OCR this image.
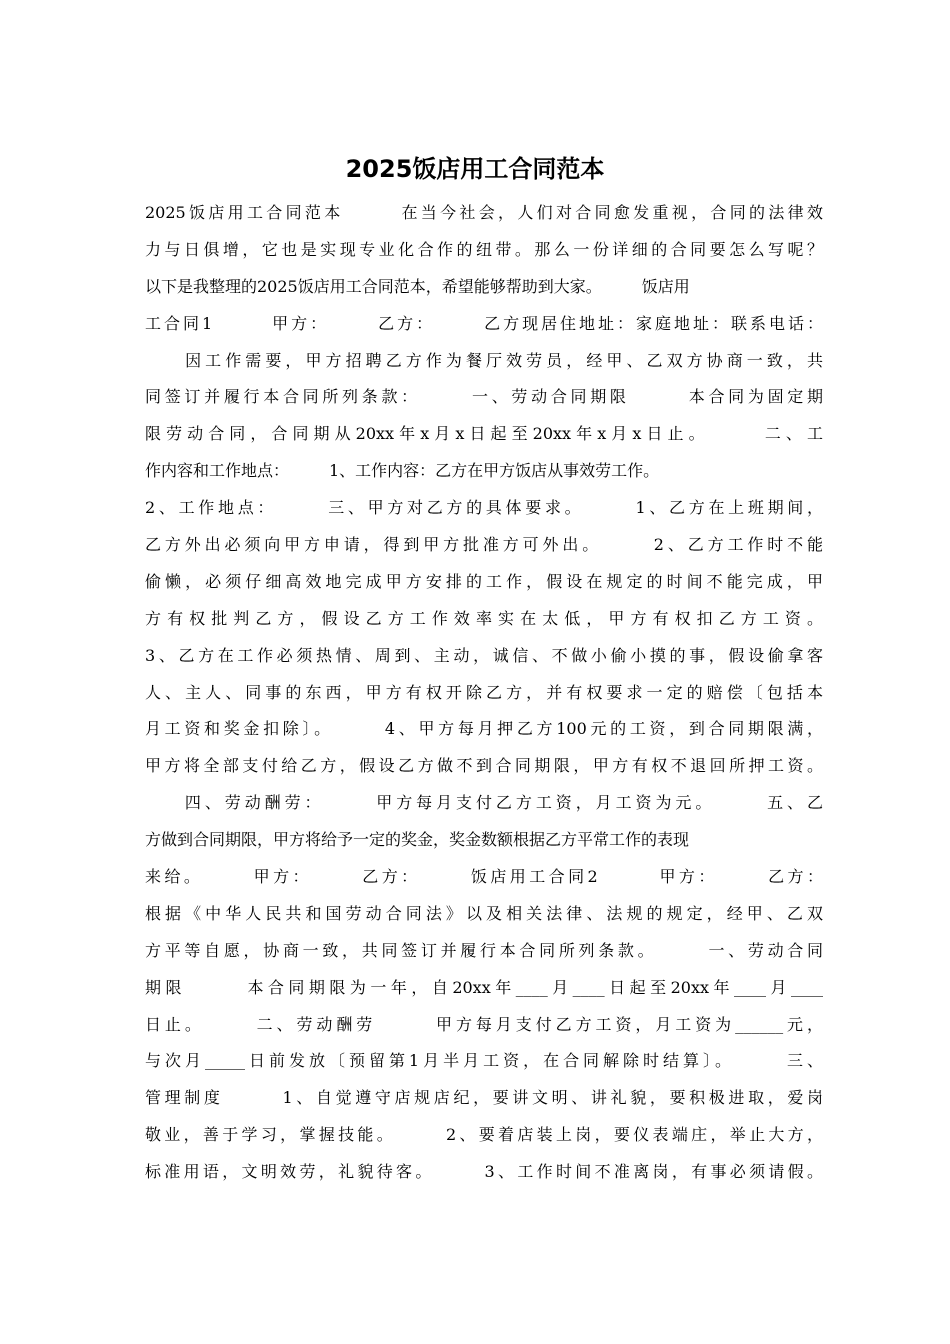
2025饭店用工合同范本
2025饭店用工合同范本　　　在当今社会，人们对合同愈发重视，合同的法律效
力与日俱增，它也是实现专业化合作的纽带。那么一份详细的合同要怎么写呢？
以下是我整理的2025饭店用工合同范本，希望能够帮助到大家。　　　饭店用
工合同1　　　甲方：　　　乙方：　　　乙方现居住地址：家庭地址：联系电话：
　　因工作需要，甲方招聘乙方作为餐厅效劳员，经甲、乙双方协商一致，共
同签订并履行本合同所列条款：　　　一、劳动合同期限　　　本合同为固定期
限劳动合同，合同期从20xx年x月x日起至20xx年x月x日止。　　　二、工
作内容和工作地点：　　　1、工作内容：乙方在甲方饭店从事效劳工作。
2、工作地点：　　　三、甲方对乙方的具体要求。　　　1、乙方在上班期间，
乙方外出必须向甲方申请，得到甲方批准方可外出。　　　2、乙方工作时不能
偷懒，必须仔细高效地完成甲方安排的工作，假设在规定的时间不能完成，甲
方有权批判乙方，假设乙方工作效率实在太低，甲方有权扣乙方工资。
3、乙方在工作必须热情、周到、主动，诚信、不做小偷小摸的事，假设偷拿客
人、主人、同事的东西，甲方有权开除乙方，并有权要求一定的赔偿〔包括本
月工资和奖金扣除〕。　　　4、甲方每月押乙方100元的工资，到合同期限满，
甲方将全部支付给乙方，假设乙方做不到合同期限，甲方有权不退回所押工资。
　　四、劳动酬劳：　　　甲方每月支付乙方工资，月工资为元。　　　五、乙
方做到合同期限，甲方将给予一定的奖金，奖金数额根据乙方平常工作的表现
来给。　　　甲方：　　　乙方：　　　饭店用工合同2　　　甲方：　　　乙方：
根据《中华人民共和国劳动合同法》以及相关法律、法规的规定，经甲、乙双
方平等自愿，协商一致，共同签订并履行本合同所列条款。　　　一、劳动合同
期限　　　本合同期限为一年，自20xx年____月____日起至20xx年____月____
日止。　　　二、劳动酬劳　　　甲方每月支付乙方工资，月工资为______元，
与次月_____日前发放〔预留第1月半月工资，在合同解除时结算〕。　　　三、
管理制度　　　1、自觉遵守店规店纪，要讲文明、讲礼貌，要积极进取，爱岗
敬业，善于学习，掌握技能。　　　2、要着店装上岗，要仪表端庄，举止大方，
标准用语，文明效劳，礼貌待客。　　　3、工作时间不准离岗，有事必须请假。
